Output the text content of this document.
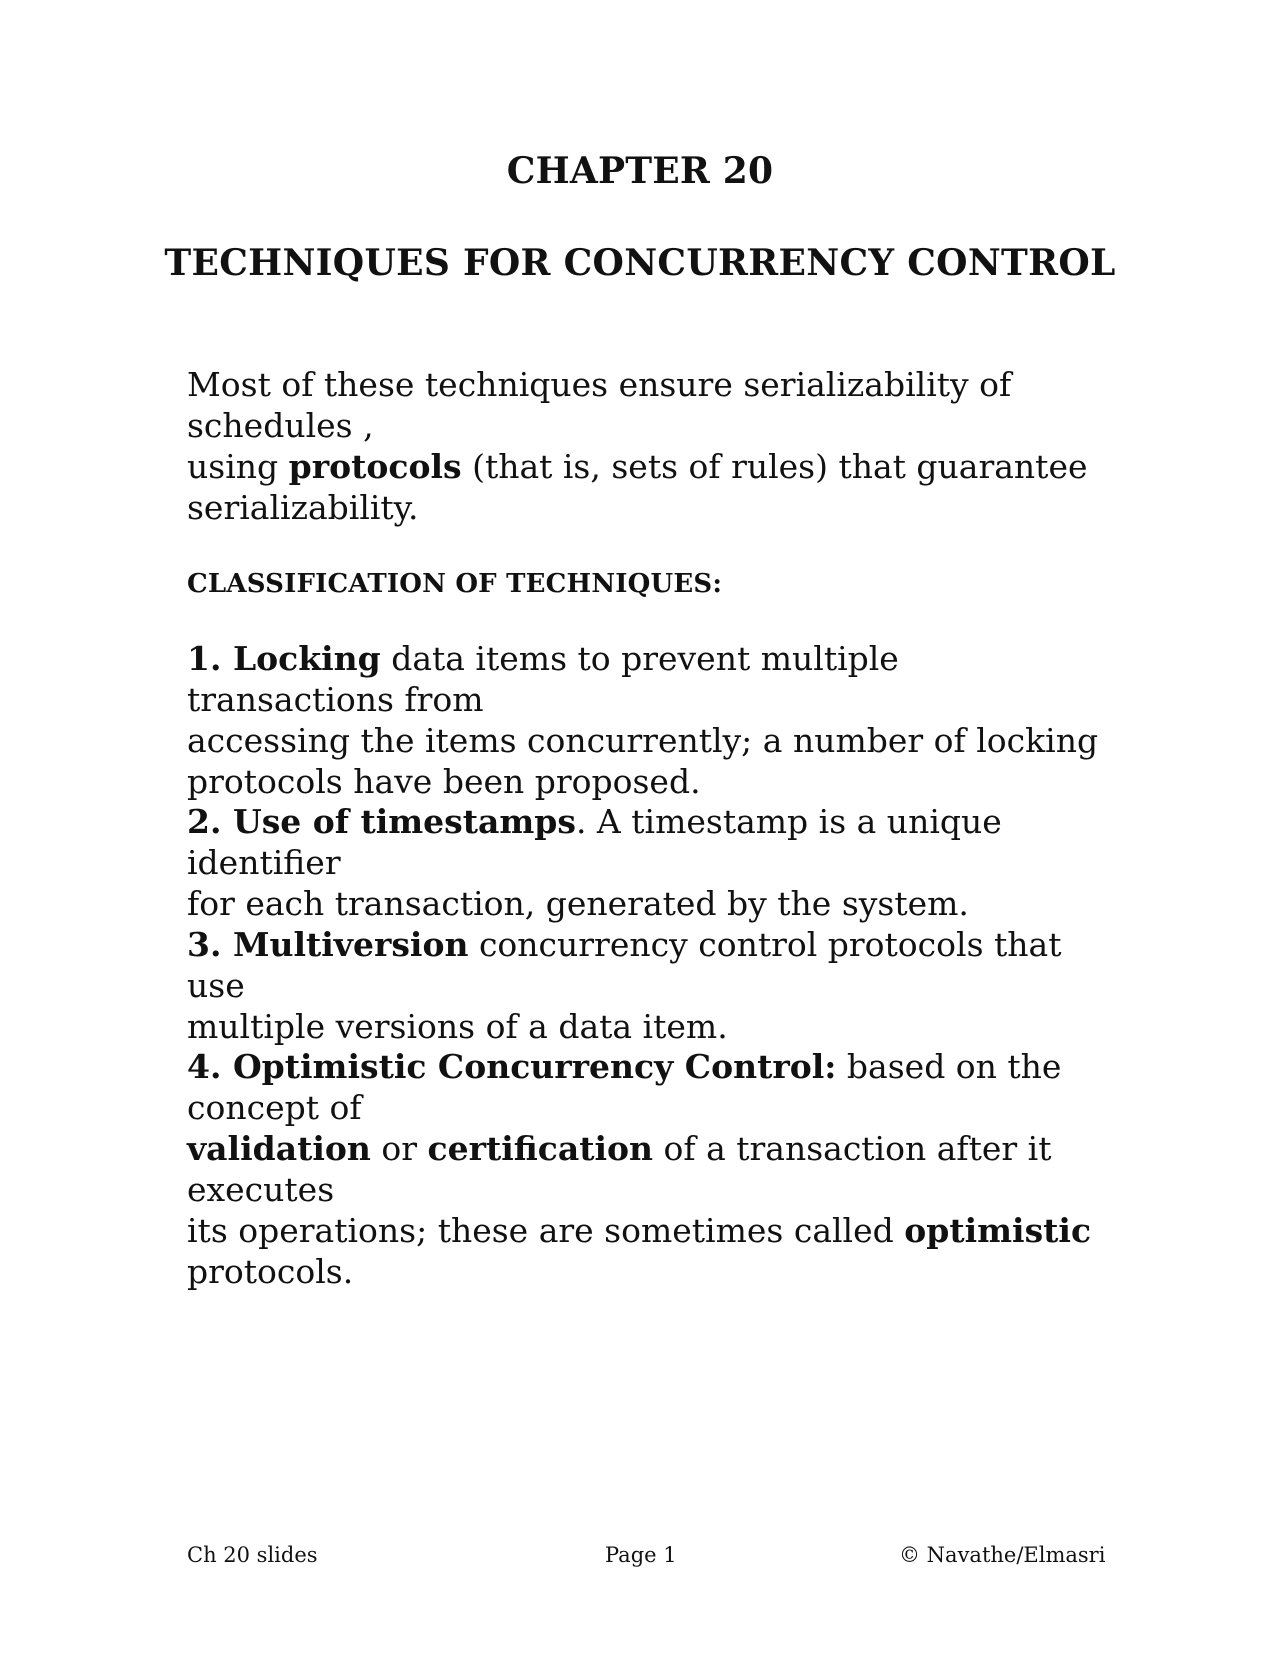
CHAPTER 20
TECHNIQUES FOR CONCURRENCY CONTROL
Most of these techniques ensure serializability of schedules ,
using protocols (that is, sets of rules) that guarantee
serializability.
CLASSIFICATION OF TECHNIQUES:
1. Locking data items to prevent multiple transactions from
accessing the items concurrently; a number of locking
protocols have been proposed.
2. Use of timestamps. A timestamp is a unique identifier
for each transaction, generated by the system.
3. Multiversion concurrency control protocols that use
multiple versions of a data item.
4. Optimistic Concurrency Control: based on the concept of
validation or certification of a transaction after it executes
its operations; these are sometimes called optimistic
protocols.
Ch 20 slides	Page 1	© Navathe/Elmasri
